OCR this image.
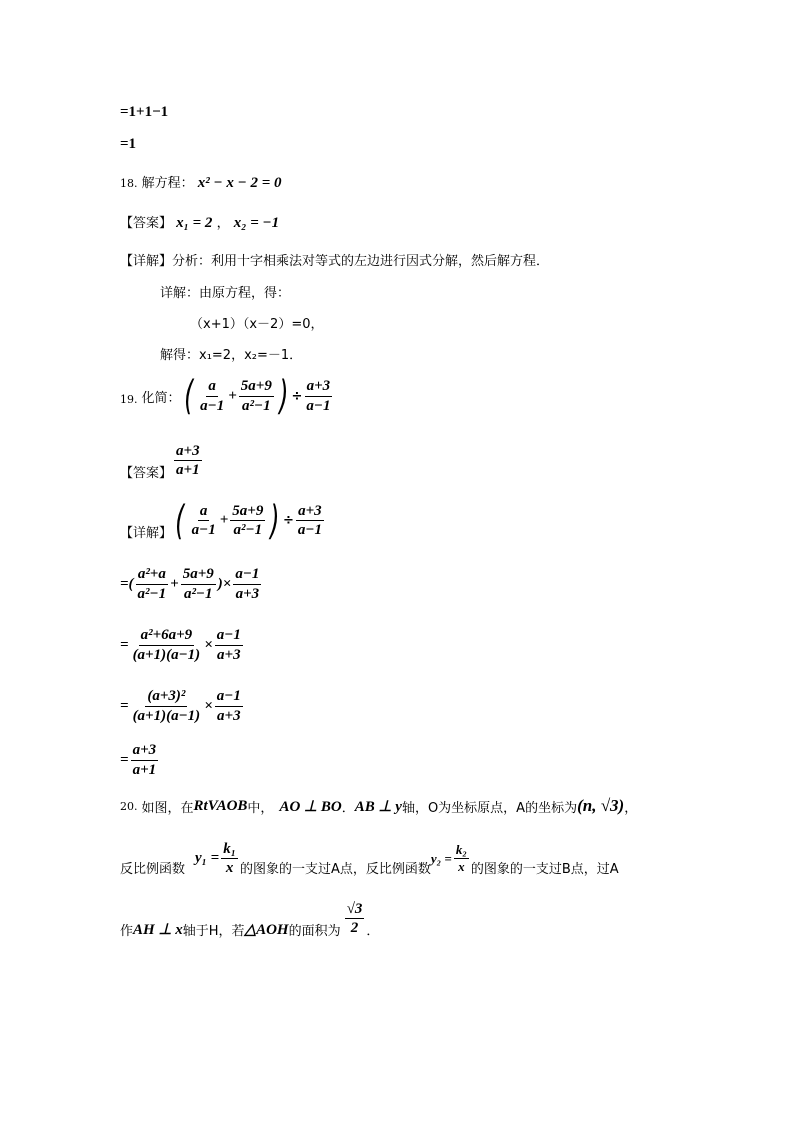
=1+1−1
=1
18. 解方程： x² − x − 2 = 0
【答案】 x₁ = 2 ， x₂ = −1
【详解】分析：利用十字相乘法对等式的左边进行因式分解，然后解方程．
详解：由原方程，得：
（x+1）（x－2）=0，
解得：x₁=2，x₂=－1．
19. 化简： ( $\frac{a}{a-1} + \frac{5a+9}{\text{a²−1}}$ ) ÷ $\frac{a+3}{a-1}$
【答案】 $\frac{a+3}{a+1}$
【详解】 ( $\frac{a}{a-1} + \frac{5a+9}{\text{a²−1}}$ ) ÷ $\frac{a+3}{a-1}$
=( $\frac{\text{a²+a}}{\text{a²−1}} + \frac{5a+9}{\text{a²−1}}$ )× $\frac{a-1}{a+3}$
= $\frac{\text{a²+6a+9}}{(a+1)(a-1)} \times \frac{a-1}{a+3}$
= $\frac{\text{(a+3)²}}{(a+1)(a-1)} \times \frac{a-1}{a+3}$
= $\frac{a+3}{a+1}$
20. 如图，在 RtVAOB 中， AO ⊥ BO ． AB ⊥ y 轴，O为坐标原点，A的坐标为 (n, √3) ，
反比例函数
$y_1 = \frac{\text{k₁}}{x}$ 的图象的一支过A点，反比例函数
$y_2 = \frac{\text{k₂}}{x}$ 的图象的一支过B点，过A
作 AH ⊥ x 轴于H，若 △AOH 的面积为 $\frac{√3}{2}$ ．
